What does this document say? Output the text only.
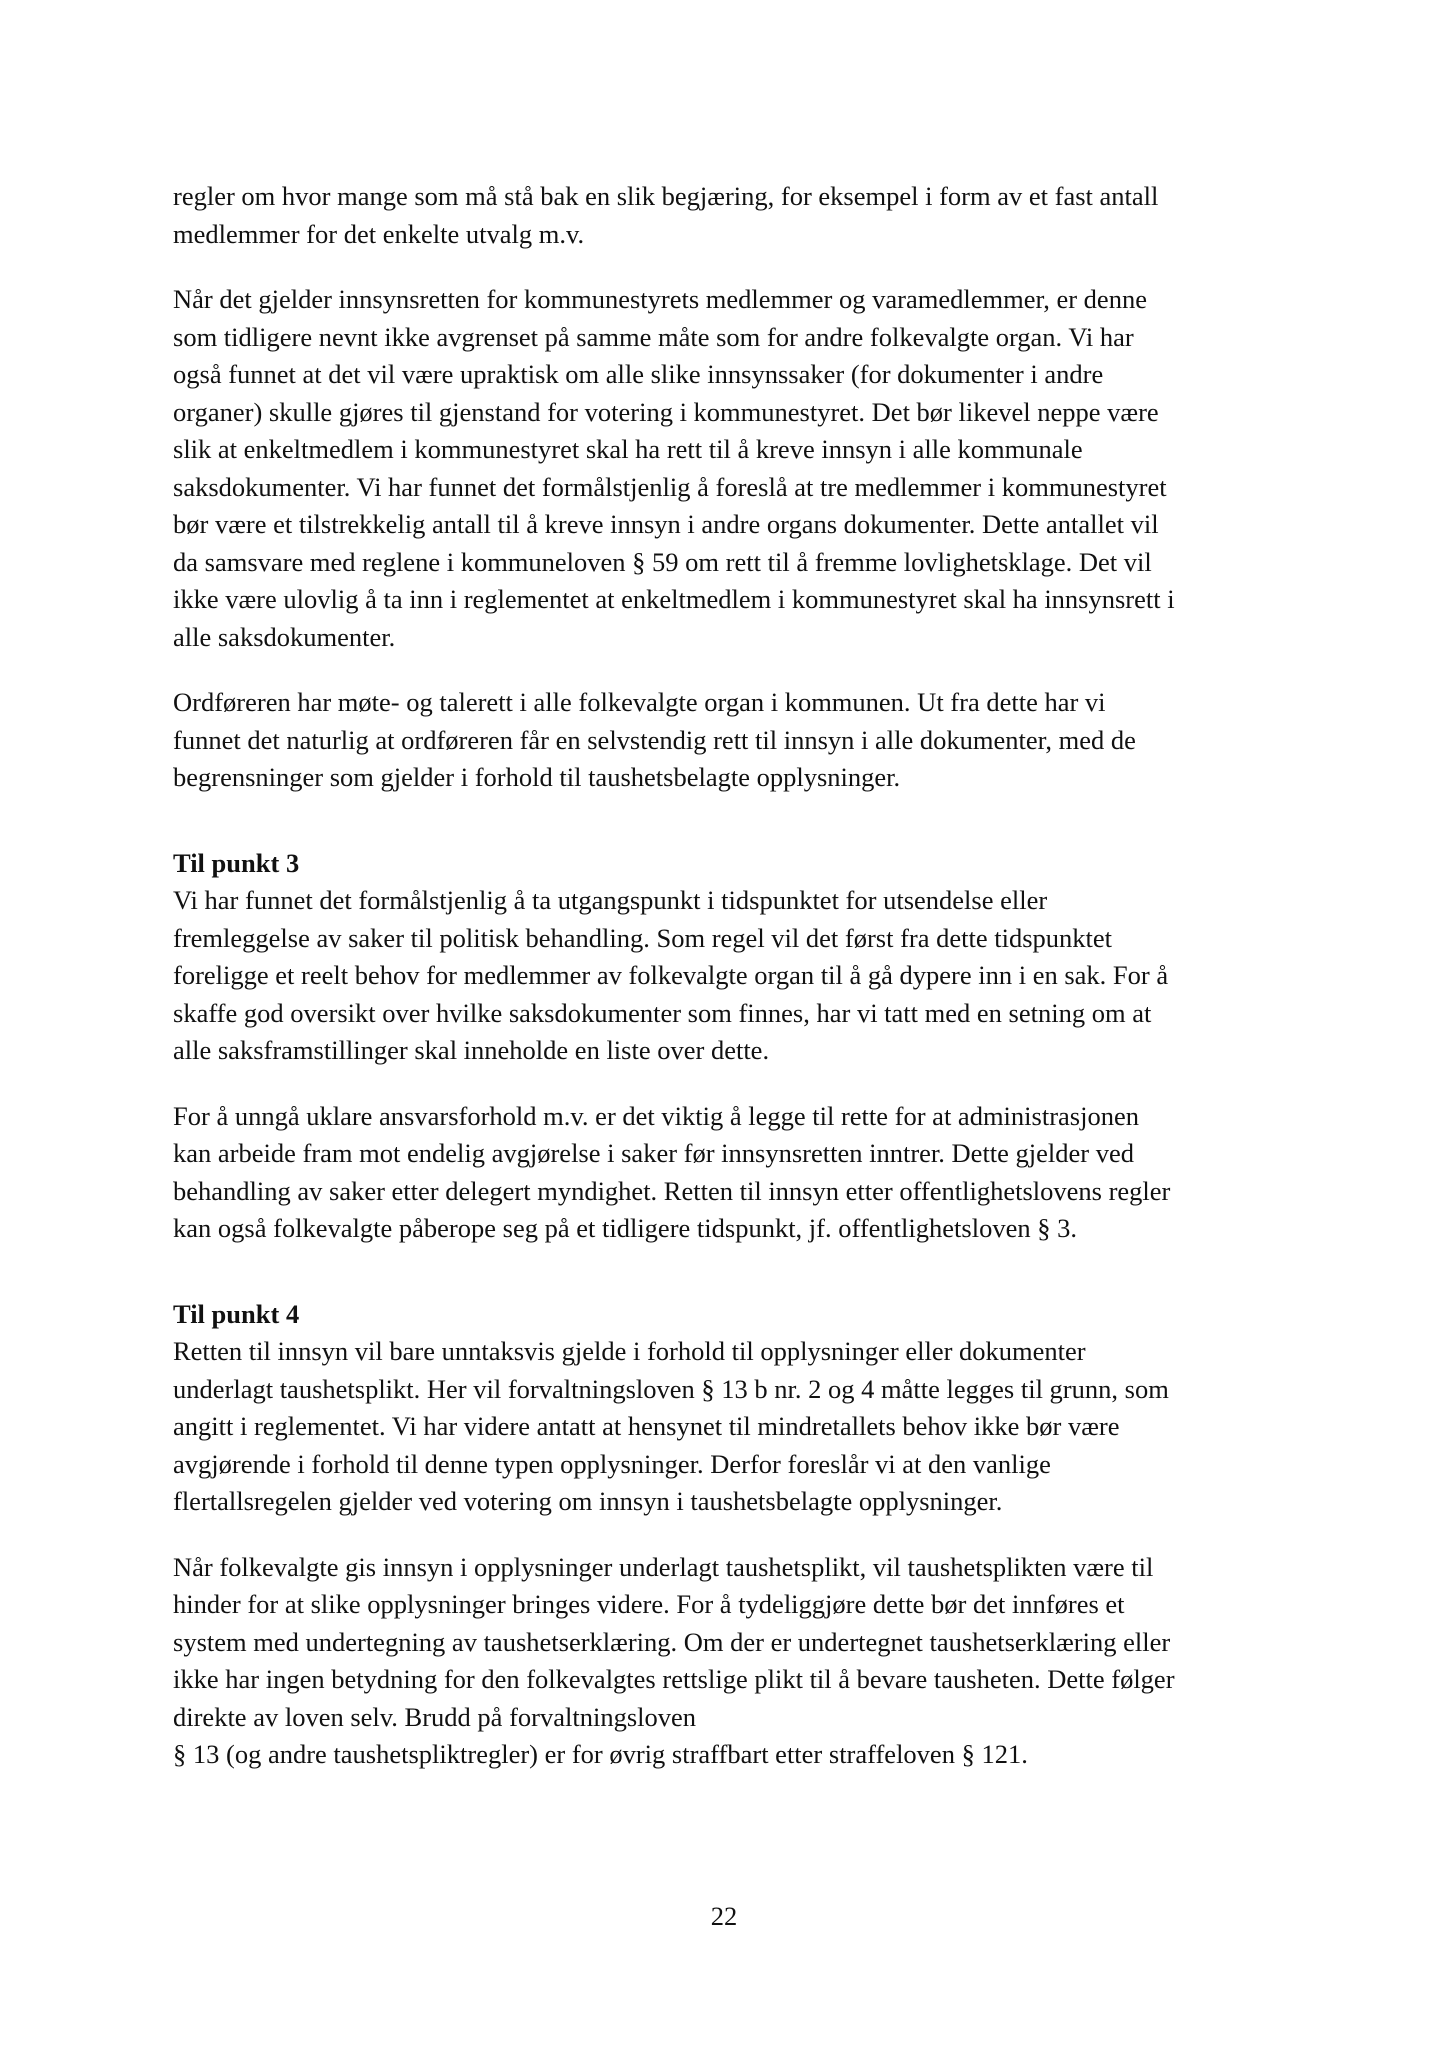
regler om hvor mange som må stå bak en slik begjæring, for eksempel i form av et fast antall
medlemmer for det enkelte utvalg m.v.

Når det gjelder innsynsretten for kommunestyrets medlemmer og varamedlemmer, er denne
som tidligere nevnt ikke avgrenset på samme måte som for andre folkevalgte organ. Vi har
også funnet at det vil være upraktisk om alle slike innsynssaker (for dokumenter i andre
organer) skulle gjøres til gjenstand for votering i kommunestyret. Det bør likevel neppe være
slik at enkeltmedlem i kommunestyret skal ha rett til å kreve innsyn i alle kommunale
saksdokumenter. Vi har funnet det formålstjenlig å foreslå at tre medlemmer i kommunestyret
bør være et tilstrekkelig antall til å kreve innsyn i andre organs dokumenter. Dette antallet vil
da samsvare med reglene i kommuneloven § 59 om rett til å fremme lovlighetsklage. Det vil
ikke være ulovlig å ta inn i reglementet at enkeltmedlem i kommunestyret skal ha innsynsrett i
alle saksdokumenter.

Ordføreren har møte- og talerett i alle folkevalgte organ i kommunen. Ut fra dette har vi
funnet det naturlig at ordføreren får en selvstendig rett til innsyn i alle dokumenter, med de
begrensninger som gjelder i forhold til taushetsbelagte opplysninger.

Til punkt 3

Vi har funnet det formålstjenlig å ta utgangspunkt i tidspunktet for utsendelse eller
fremleggelse av saker til politisk behandling. Som regel vil det først fra dette tidspunktet
foreligge et reelt behov for medlemmer av folkevalgte organ til å gå dypere inn i en sak. For å
skaffe god oversikt over hvilke saksdokumenter som finnes, har vi tatt med en setning om at
alle saksframstillinger skal inneholde en liste over dette.

For å unngå uklare ansvarsforhold m.v. er det viktig å legge til rette for at administrasjonen
kan arbeide fram mot endelig avgjørelse i saker før innsynsretten inntrer. Dette gjelder ved
behandling av saker etter delegert myndighet. Retten til innsyn etter offentlighetslovens regler
kan også folkevalgte påberope seg på et tidligere tidspunkt, jf. offentlighetsloven § 3.

Til punkt 4

Retten til innsyn vil bare unntaksvis gjelde i forhold til opplysninger eller dokumenter
underlagt taushetsplikt. Her vil forvaltningsloven § 13 b nr. 2 og 4 måtte legges til grunn, som
angitt i reglementet. Vi har videre antatt at hensynet til mindretallets behov ikke bør være
avgjørende i forhold til denne typen opplysninger. Derfor foreslår vi at den vanlige
flertallsregelen gjelder ved votering om innsyn i taushetsbelagte opplysninger.

Når folkevalgte gis innsyn i opplysninger underlagt taushetsplikt, vil taushetsplikten være til
hinder for at slike opplysninger bringes videre. For å tydeliggjøre dette bør det innføres et
system med undertegning av taushetserklæring. Om der er undertegnet taushetserklæring eller
ikke har ingen betydning for den folkevalgtes rettslige plikt til å bevare tausheten. Dette følger
direkte av loven selv. Brudd på forvaltningsloven
§ 13 (og andre taushetspliktregler) er for øvrig straffbart etter straffeloven § 121.

22
